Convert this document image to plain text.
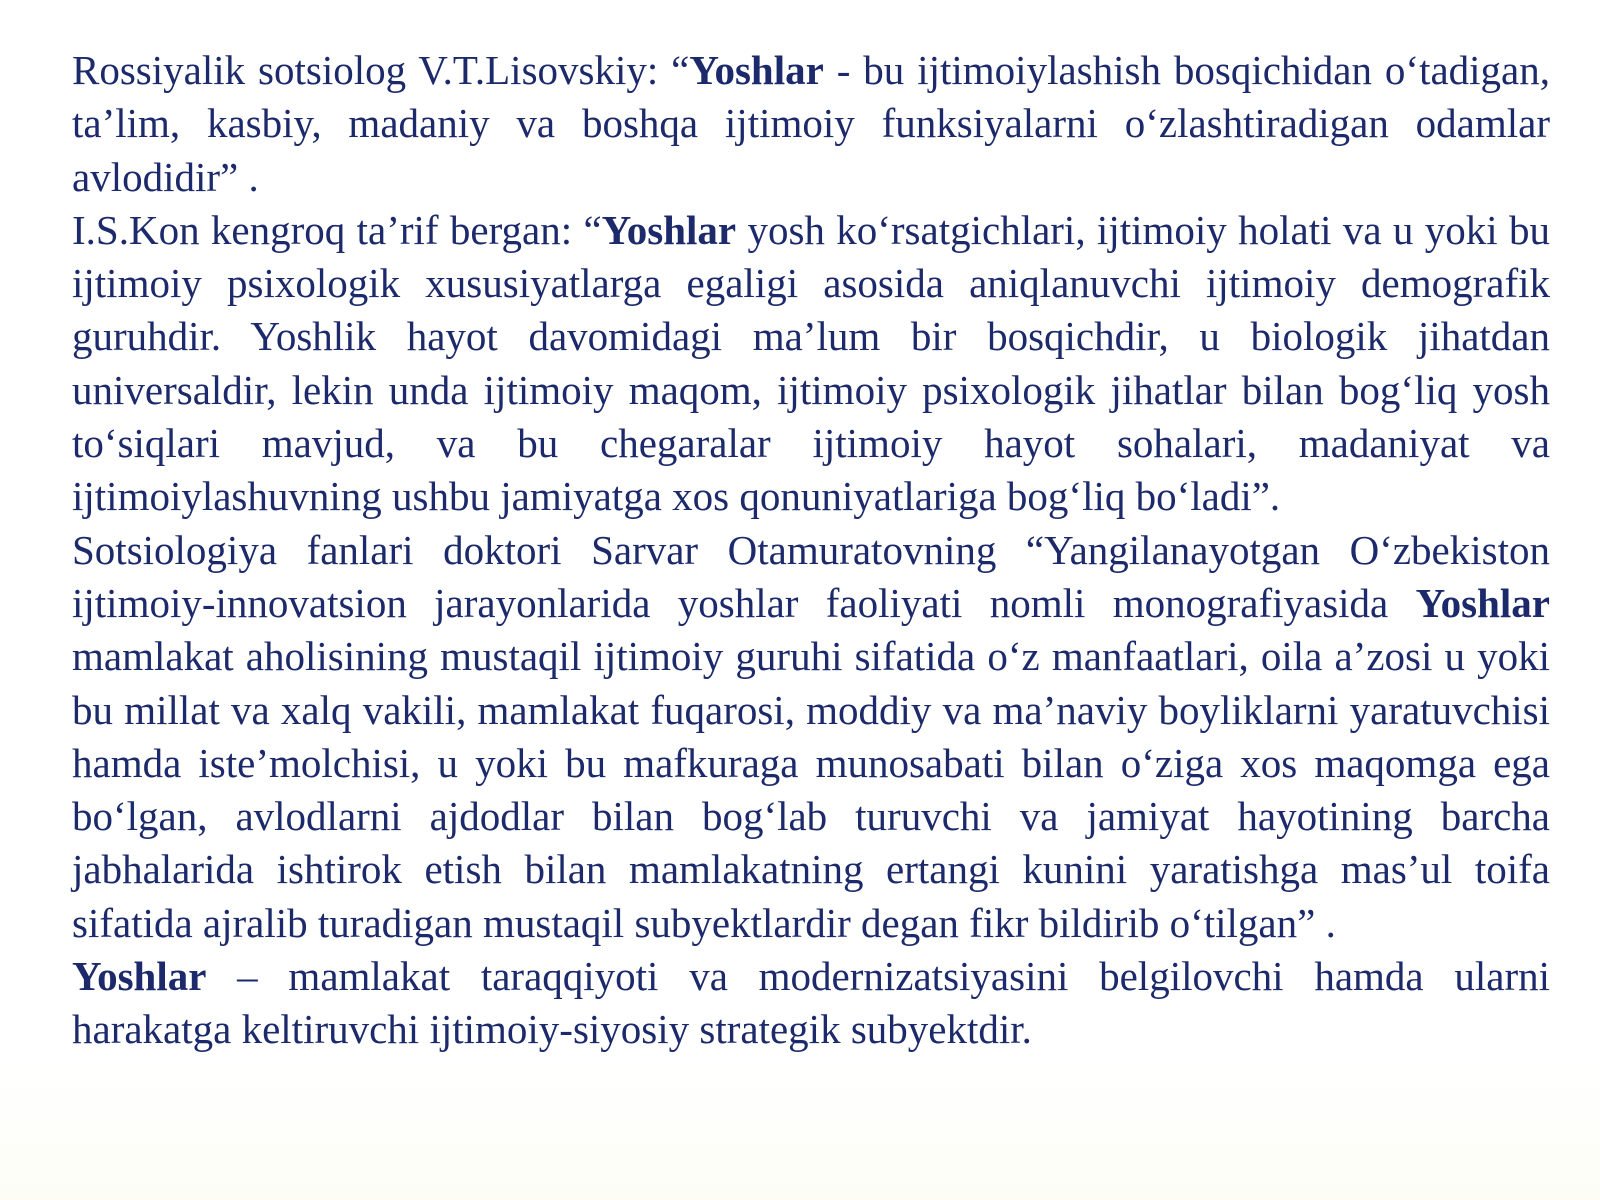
Rossiyalik sotsiolog V.T.Lisovskiy: “Yoshlar - bu ijtimoiylashish bosqichidan o‘tadigan, ta’lim, kasbiy, madaniy va boshqa ijtimoiy funksiyalarni o‘zlashtiradigan odamlar avlodidir” .

I.S.Kon kengroq ta’rif bergan: “Yoshlar yosh ko‘rsatgichlari, ijtimoiy holati va u yoki bu ijtimoiy psixologik xususiyatlarga egaligi asosida aniqlanuvchi ijtimoiy demografik guruhdir. Yoshlik hayot davomidagi ma’lum bir bosqichdir, u biologik jihatdan universaldir, lekin unda ijtimoiy maqom, ijtimoiy psixologik jihatlar bilan bog‘liq yosh to‘siqlari mavjud, va bu chegaralar ijtimoiy hayot sohalari, madaniyat va ijtimoiylashuvning ushbu jamiyatga xos qonuniyatlariga bog‘liq bo‘ladi”.

Sotsiologiya fanlari doktori Sarvar Otamuratovning “Yangilanayotgan O‘zbekiston ijtimoiy-innovatsion jarayonlarida yoshlar faoliyati nomli monografiyasida Yoshlar mamlakat aholisining mustaqil ijtimoiy guruhi sifatida o‘z manfaatlari, oila a’zosi u yoki bu millat va xalq vakili, mamlakat fuqarosi, moddiy va ma’naviy boyliklarni yaratuvchisi hamda iste’molchisi, u yoki bu mafkuraga munosabati bilan o‘ziga xos maqomga ega bo‘lgan, avlodlarni ajdodlar bilan bog‘lab turuvchi va jamiyat hayotining barcha jabhalarida ishtirok etish bilan mamlakatning ertangi kunini yaratishga mas’ul toifa sifatida ajralib turadigan mustaqil subyektlardir degan fikr bildirib o‘tilgan” .

Yoshlar – mamlakat taraqqiyoti va modernizatsiyasini belgilovchi hamda ularni harakatga keltiruvchi ijtimoiy-siyosiy strategik subyektdir.
